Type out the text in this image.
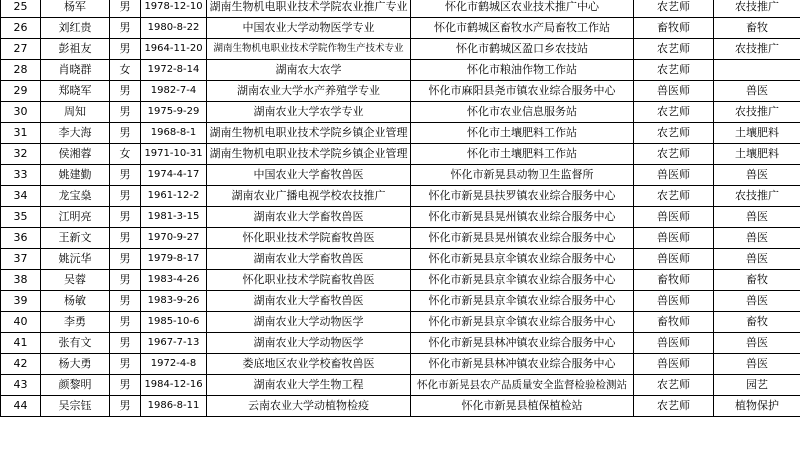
25	杨军	男	1978-12-10	湖南生物机电职业技术学院农业推广专业	怀化市鹤城区农业技术推广中心	农艺师	农技推广
26	刘红贵	男	1980-8-22	中国农业大学动物医学专业	怀化市鹤城区畜牧水产局畜牧工作站	畜牧师	畜牧
27	彭祖友	男	1964-11-20	湖南生物机电职业技术学院作物生产技术专业	怀化市鹤城区盈口乡农技站	农艺师	农技推广
28	肖晓群	女	1972-8-14	湖南农大农学	怀化市粮油作物工作站	农艺师	
29	郑晓军	男	1982-7-4	湖南农业大学水产养殖学专业	怀化市麻阳县尧市镇农业综合服务中心	兽医师	兽医
30	周知	男	1975-9-29	湖南农业大学农学专业	怀化市农业信息服务站	农艺师	农技推广
31	李大海	男	1968-8-1	湖南生物机电职业技术学院乡镇企业管理	怀化市土壤肥料工作站	农艺师	土壤肥料
32	侯湘蓉	女	1971-10-31	湖南生物机电职业技术学院乡镇企业管理	怀化市土壤肥料工作站	农艺师	土壤肥料
33	姚建勤	男	1974-4-17	中国农业大学畜牧兽医	怀化市新晃县动物卫生监督所	兽医师	兽医
34	龙宝燊	男	1961-12-2	湖南农业广播电视学校农技推广	怀化市新晃县扶罗镇农业综合服务中心	农艺师	农技推广
35	江明亮	男	1981-3-15	湖南农业大学畜牧兽医	怀化市新晃县晃州镇农业综合服务中心	兽医师	兽医
36	王新文	男	1970-9-27	怀化职业技术学院畜牧兽医	怀化市新晃县晃州镇农业综合服务中心	兽医师	兽医
37	姚沅华	男	1979-8-17	湖南农业大学畜牧兽医	怀化市新晃县京伞镇农业综合服务中心	兽医师	兽医
38	吴蓉	男	1983-4-26	怀化职业技术学院畜牧兽医	怀化市新晃县京伞镇农业综合服务中心	畜牧师	畜牧
39	杨敏	男	1983-9-26	湖南农业大学畜牧兽医	怀化市新晃县京伞镇农业综合服务中心	兽医师	兽医
40	李勇	男	1985-10-6	湖南农业大学动物医学	怀化市新晃县京伞镇农业综合服务中心	畜牧师	畜牧
41	张有文	男	1967-7-13	湖南农业大学动物医学	怀化市新晃县林冲镇农业综合服务中心	兽医师	兽医
42	杨大勇	男	1972-4-8	娄底地区农业学校畜牧兽医	怀化市新晃县林冲镇农业综合服务中心	兽医师	兽医
43	颜黎明	男	1984-12-16	湖南农业大学生物工程	怀化市新晃县农产品质量安全监督检验检测站	农艺师	园艺
44	吴宗钰	男	1986-8-11	云南农业大学动植物检疫	怀化市新晃县植保植检站	农艺师	植物保护
